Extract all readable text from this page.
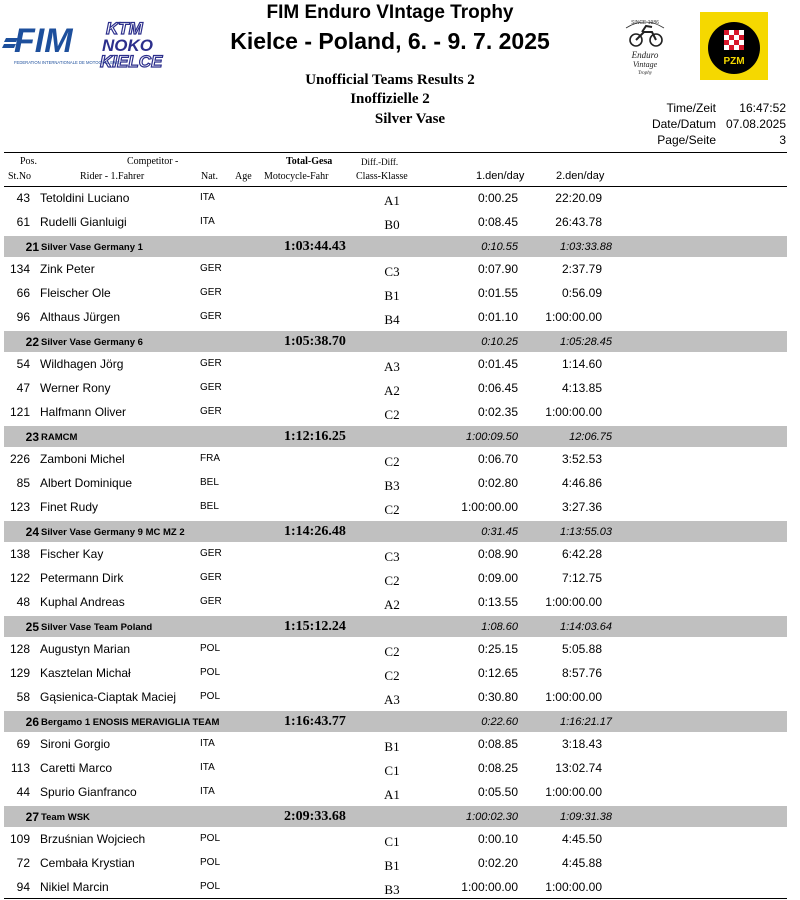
FIM
FEDERATION INTERNATIONALE DE MOTOCYCLISME
KTM
NOKO
KIELCE
FIM Enduro VIntage Trophy
Kielce - Poland, 6. - 9. 7. 2025
SINCE 1986
Enduro
Vintage
Trophy
PZM
Unofficial Teams Results 2
Inoffizielle 2
Silver Vase
Time/Zeit	16:47:52
Date/Datum 07.08.2025
Page/Seite	3
Pos.
St.No
Competitor -
Rider - 1.Fahrer	Nat. Age
Total-Gesa
Motocycle-Fahr
Diff.-Diff.
Class-Klasse	1.den/day	2.den/day
43 Tetoldini Luciano	ITA	A1	0:00.25	22:20.09
61 Rudelli Gianluigi	ITA	B0	0:08.45	26:43.78
21 Silver Vase Germany 1	1:03:44.43	0:10.55	1:03:33.88
134 Zink Peter	GER	C3	0:07.90	2:37.79
66 Fleischer Ole	GER	B1	0:01.55	0:56.09
96 Althaus Jürgen	GER	B4	0:01.10	1:00:00.00
22 Silver Vase Germany 6	1:05:38.70	0:10.25	1:05:28.45
54 Wildhagen Jörg	GER	A3	0:01.45	1:14.60
47 Werner Rony	GER	A2	0:06.45	4:13.85
121 Halfmann Oliver	GER	C2	0:02.35	1:00:00.00
23 RAMCM	1:12:16.25	1:00:09.50	12:06.75
226 Zamboni Michel	FRA	C2	0:06.70	3:52.53
85 Albert Dominique	BEL	B3	0:02.80	4:46.86
123 Finet Rudy	BEL	C2	1:00:00.00	3:27.36
24 Silver Vase Germany 9 MC MZ 2	1:14:26.48	0:31.45	1:13:55.03
138 Fischer Kay	GER	C3	0:08.90	6:42.28
122 Petermann Dirk	GER	C2	0:09.00	7:12.75
48 Kuphal Andreas	GER	A2	0:13.55	1:00:00.00
25 Silver Vase Team Poland	1:15:12.24	1:08.60	1:14:03.64
128 Augustyn Marian	POL	C2	0:25.15	5:05.88
129 Kasztelan Michał	POL	C2	0:12.65	8:57.76
58 Gąsienica-Ciaptak Maciej POL	A3	0:30.80	1:00:00.00
26 Bergamo 1 ENOSIS MERAVIGLIA TEAM	1:16:43.77	0:22.60	1:16:21.17
69 Sironi Gorgio	ITA	B1	0:08.85	3:18.43
113 Caretti Marco	ITA	C1	0:08.25	13:02.74
44 Spurio Gianfranco	ITA	A1	0:05.50	1:00:00.00
27 Team WSK	2:09:33.68	1:00:02.30	1:09:31.38
109 Brzuśnian Wojciech	POL	C1	0:00.10	4:45.50
72 Cembała Krystian	POL	B1	0:02.20	4:45.88
94 Nikiel Marcin	POL	B3	1:00:00.00	1:00:00.00
